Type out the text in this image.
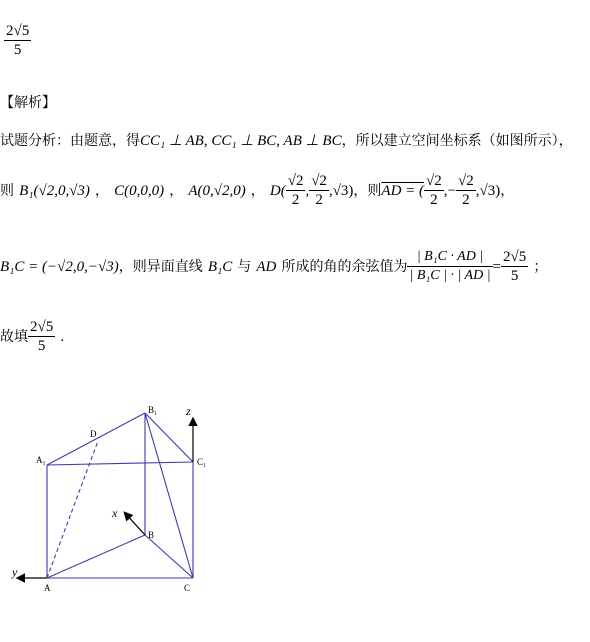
$\frac{2√5}{5}$
【解析】
试题分析：由题意，得CC₁ ⊥ AB, CC₁ ⊥ BC, AB ⊥ BC，所以建立空间坐标系（如图所示），
则 B₁(√2,0,√3) ， C(0,0,0) ， A(0,√2,0) ， $D( \frac{√2}{2}$ , $\frac{√2}{2} ,√3$)，则AD = ( $\frac{√2}{2}$ ,− $\frac{√2}{2} ,√3$)，
B₁C = (−√2,0,−√3)，则异面直线 B₁C 与 AD 所成的角的余弦值为 $\frac{\text{| B₁C · AD |}}{\text{| B₁C | · | AD |}} = \frac{2√5}{5}$ ；
故填 $\frac{2√5}{5}$ .
A₁
B₁
C₁
D
B
A	C
z
x
y
